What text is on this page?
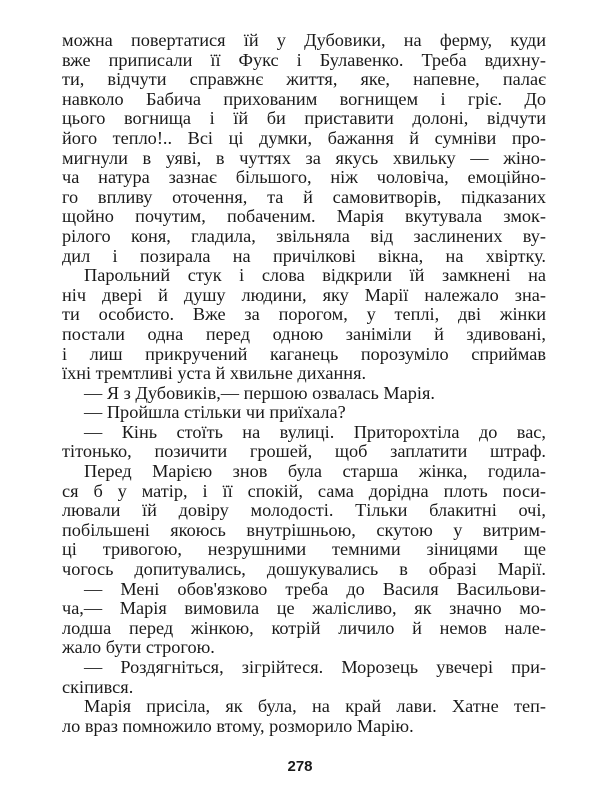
можна повертатися їй у Дубовики, на ферму, куди
вже приписали її Фукс і Булавенко. Треба вдихну-
ти, відчути справжнє життя, яке, напевне, палає
навколо Бабича прихованим вогнищем і гріє. До
цього вогнища і їй би приставити долоні, відчути
його тепло!.. Всі ці думки, бажання й сумніви про-
мигнули в уяві, в чуттях за якусь хвильку — жіно-
ча натура зазнає більшого, ніж чоловіча, емоційно-
го впливу оточення, та й самовитворів, підказаних
щойно почутим, побаченим. Марія вкутувала змок-
рілого коня, гладила, звільняла від заслинених ву-
дил і позирала на причілкові вікна, на хвіртку.
Парольний стук і слова відкрили їй замкнені на
ніч двері й душу людини, яку Марії належало зна-
ти особисто. Вже за порогом, у теплі, дві жінки
постали одна перед одною заніміли й здивовані,
і лиш прикручений каганець порозуміло сприймав
їхні тремтливі уста й хвильне дихання.
— Я з Дубовиків,— першою озвалась Марія.
— Пройшла стільки чи приїхала?
— Кінь стоїть на вулиці. Приторохтіла до вас,
тітонько, позичити грошей, щоб заплатити штраф.
Перед Марією знов була старша жінка, годила-
ся б у матір, і її спокій, сама дорідна плоть поси-
лювали їй довіру молодості. Тільки блакитні очі,
побільшені якоюсь внутрішньою, скутою у витрим-
ці тривогою, незрушними темними зіницями ще
чогось допитувались, дошукувались в образі Марії.
— Мені обов'язково треба до Василя Васильови-
ча,— Марія вимовила це жалісливо, як значно мо-
лодша перед жінкою, котрій личило й немов нале-
жало бути строгою.
— Роздягніться, зігрійтеся. Морозець увечері при-
скіпився.
Марія присіла, як була, на край лави. Хатне теп-
ло враз помножило втому, розморило Марію.
278
